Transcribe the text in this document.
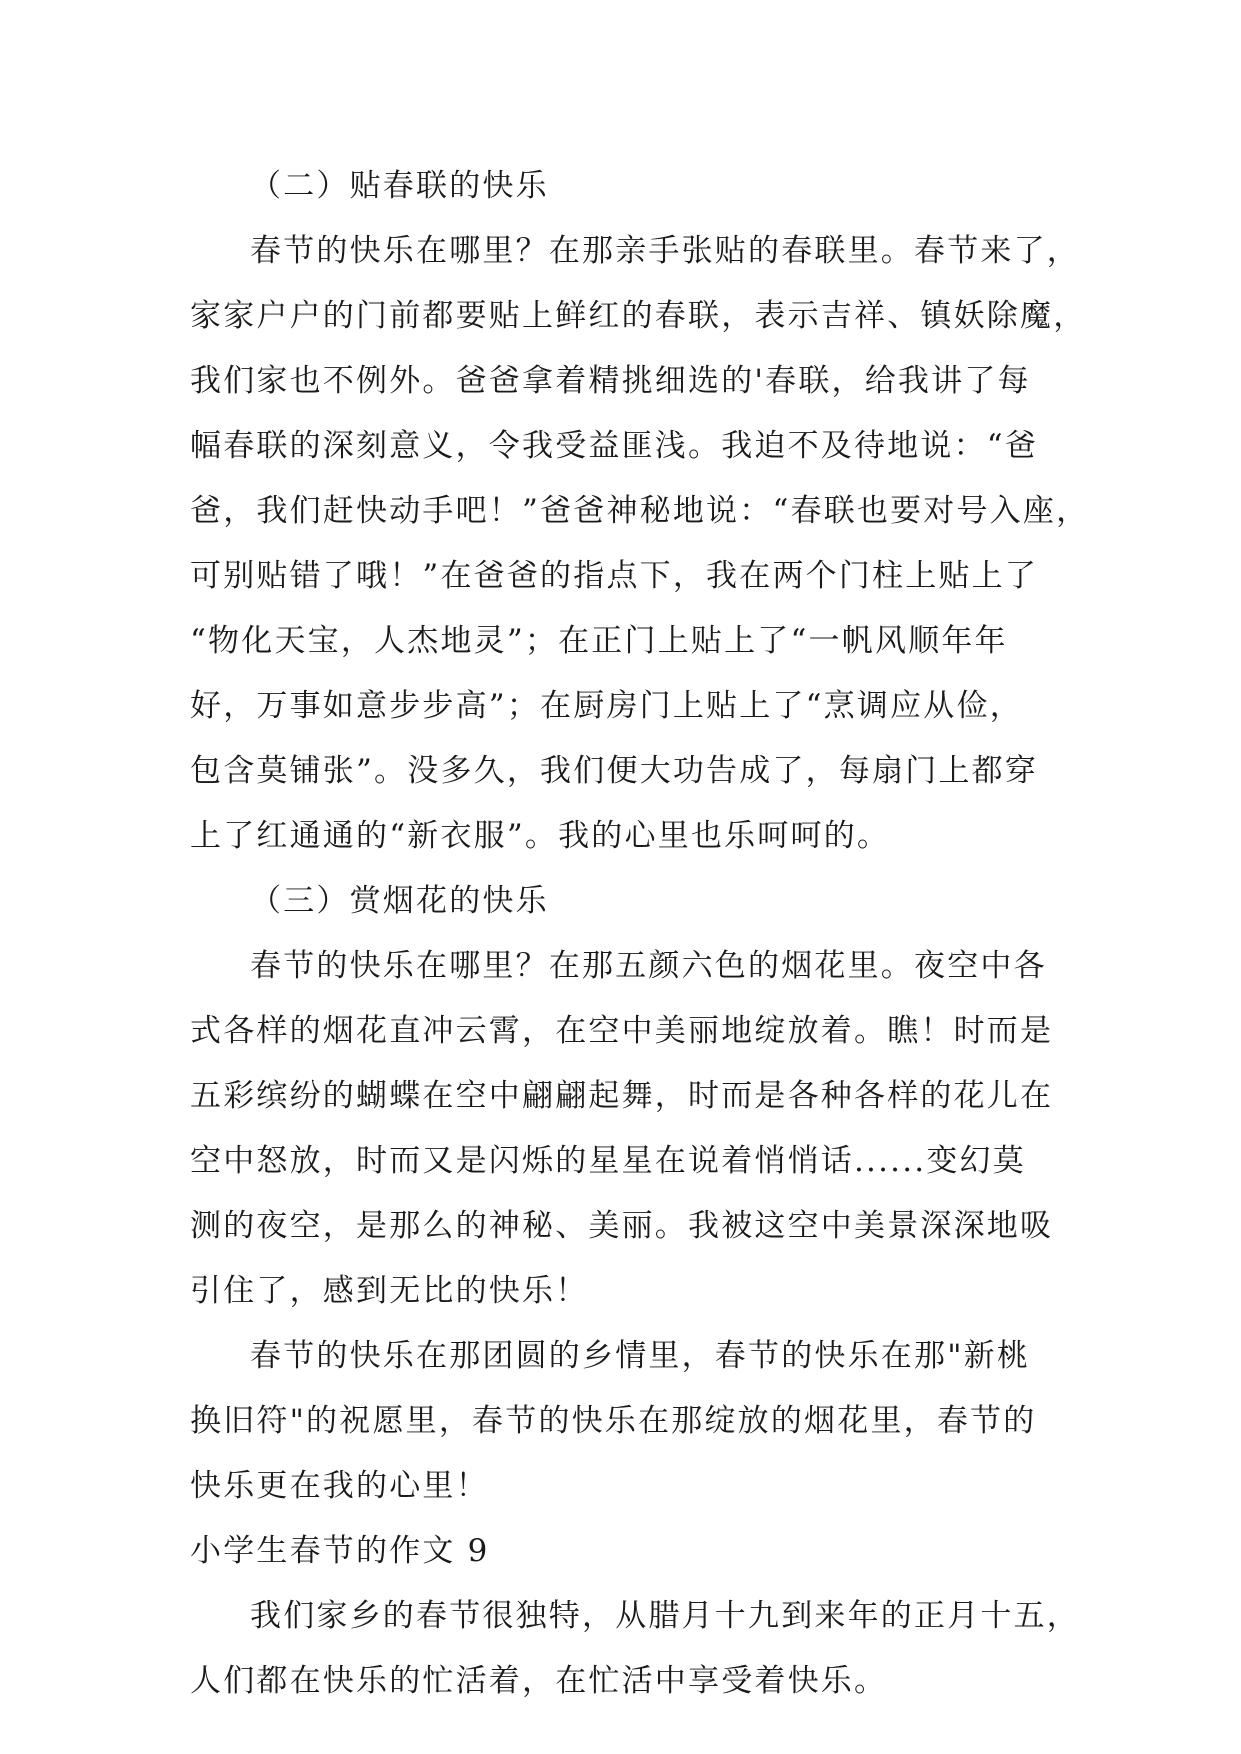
（二）贴春联的快乐

春节的快乐在哪里？在那亲手张贴的春联里。春节来了，

家家户户的门前都要贴上鲜红的春联，表示吉祥、镇妖除魔，

我们家也不例外。爸爸拿着精挑细选的'春联，给我讲了每

幅春联的深刻意义，令我受益匪浅。我迫不及待地说：“爸

爸，我们赶快动手吧！”爸爸神秘地说：“春联也要对号入座，

可别贴错了哦！”在爸爸的指点下，我在两个门柱上贴上了

“物化天宝，人杰地灵”；在正门上贴上了“一帆风顺年年

好，万事如意步步高”；在厨房门上贴上了“烹调应从俭，

包含莫铺张”。没多久，我们便大功告成了，每扇门上都穿

上了红通通的“新衣服”。我的心里也乐呵呵的。

（三）赏烟花的快乐

春节的快乐在哪里？在那五颜六色的烟花里。夜空中各

式各样的烟花直冲云霄，在空中美丽地绽放着。瞧！时而是

五彩缤纷的蝴蝶在空中翩翩起舞，时而是各种各样的花儿在

空中怒放，时而又是闪烁的星星在说着悄悄话......变幻莫

测的夜空，是那么的神秘、美丽。我被这空中美景深深地吸

引住了，感到无比的快乐！

春节的快乐在那团圆的乡情里，春节的快乐在那"新桃

换旧符"的祝愿里，春节的快乐在那绽放的烟花里，春节的

快乐更在我的心里！

小学生春节的作文 9

我们家乡的春节很独特，从腊月十九到来年的正月十五，

人们都在快乐的忙活着，在忙活中享受着快乐。
